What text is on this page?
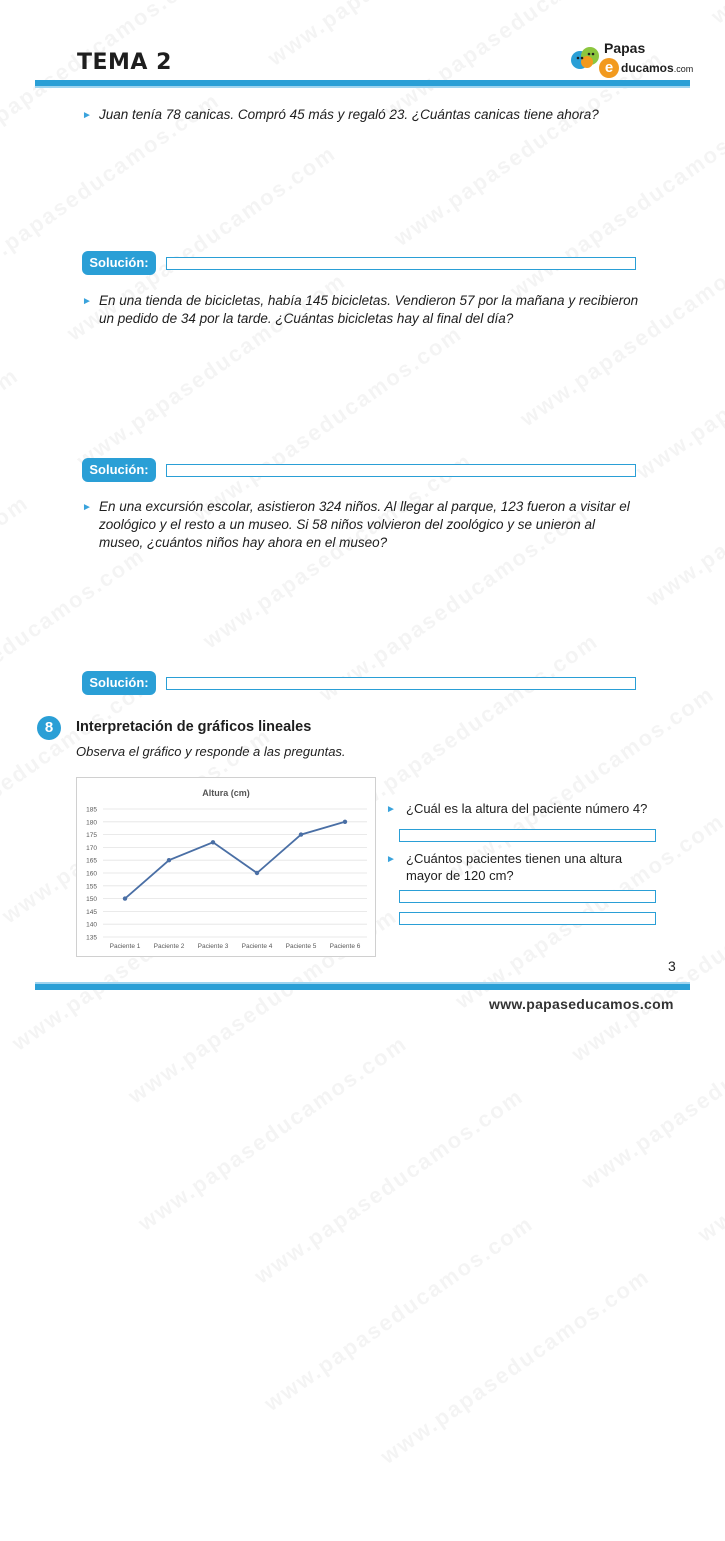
TEMA 2
Papas
e ducamos.com
► Juan tenía 78 canicas. Compró 45 más y regaló 23. ¿Cuántas canicas tiene ahora?
Solución:
► En una tienda de bicicletas, había 145 bicicletas. Vendieron 57 por la mañana y recibieron un pedido de 34 por la tarde. ¿Cuántas bicicletas hay al final del día?
Solución:
► En una excursión escolar, asistieron 324 niños. Al llegar al parque, 123 fueron a visitar el zoológico y el resto a un museo. Si 58 niños volvieron del zoológico y se unieron al museo, ¿cuántos niños hay ahora en el museo?
Solución:
8	Interpretación de gráficos lineales
Observa el gráfico y responde a las preguntas.
Altura (cm)
135
140
145
150
155
160
165
170
175
180
185
Paciente 1 Paciente 2 Paciente 3 Paciente 4 Paciente 5 Paciente 6
► ¿Cuál es la altura del paciente número 4?
► ¿Cuántos pacientes tienen una altura mayor de 120 cm?
3
www.papaseducamos.com
